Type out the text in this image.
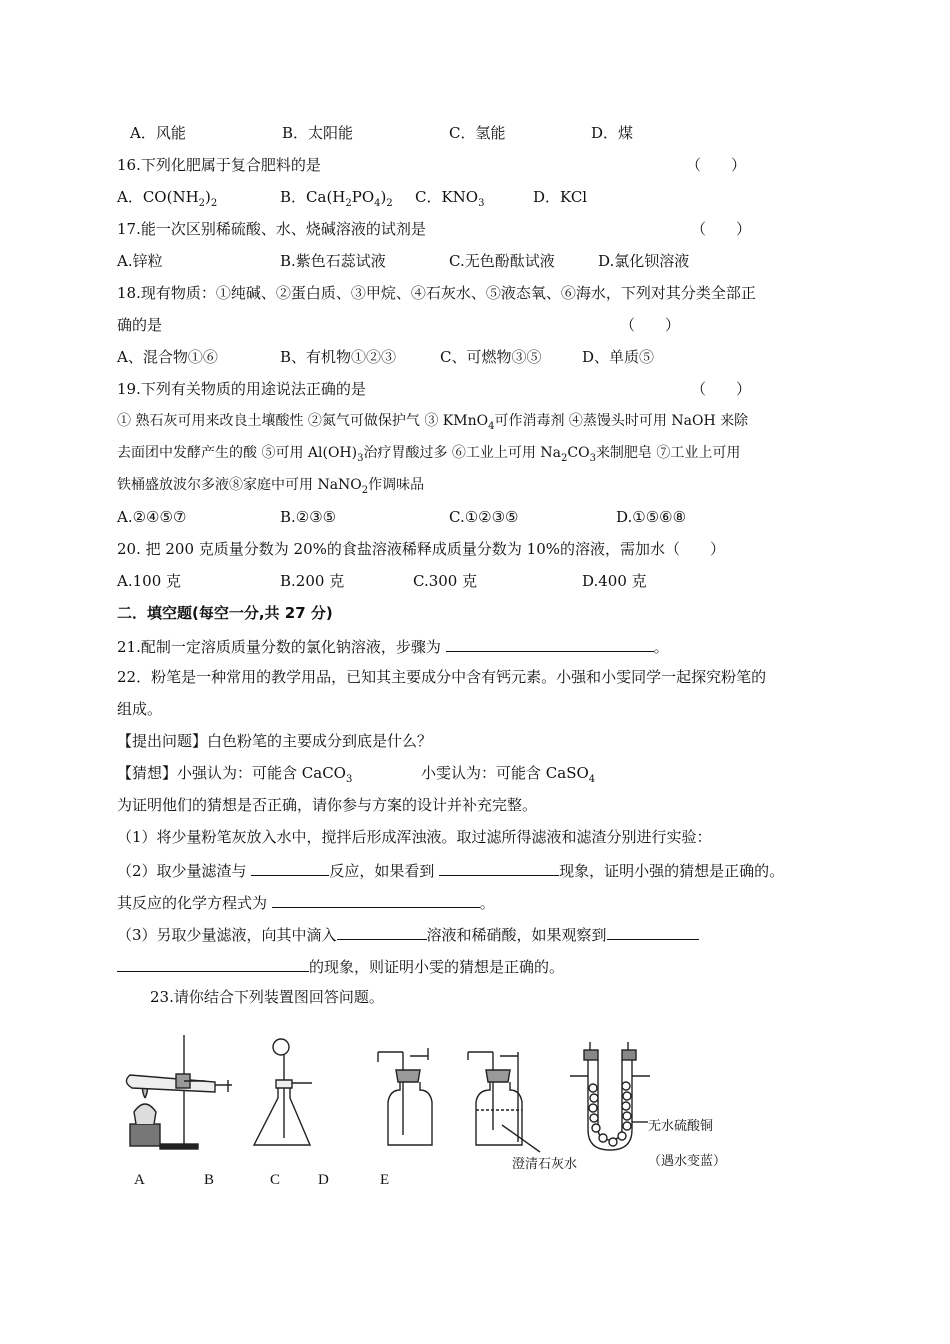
A．风能	B．太阳能	C．氢能	D．煤
16.下列化肥属于复合肥料的是	（　　）
A．$CO(NH_2)_2$	B．$Ca(H_2PO_4)_2$ C．$KNO_3$	D．KCl
17.能一次区别稀硫酸、水、烧碱溶液的试剂是	（　　）
A.锌粒	B.紫色石蕊试液	C.无色酚酞试液	D.氯化钡溶液
18.现有物质：①纯碱、②蛋白质、③甲烷、④石灰水、⑤液态氧、⑥海水，下列对其分类全部正
确的是	（　　）
A、混合物①⑥	B、有机物①②③	C、可燃物③⑤	D、单质⑤
19.下列有关物质的用途说法正确的是	（　　）
① 熟石灰可用来改良土壤酸性 ②氮气可做保护气 ③ KMnO$_4$可作消毒剂 ④蒸馒头时可用 NaOH 来除
去面团中发酵产生的酸 ⑤可用 $Al(OH)_3$治疗胃酸过多 ⑥工业上可用 $Na_2CO_3$来制肥皂 ⑦工业上可用
铁桶盛放波尔多液⑧家庭中可用 NaNO$_2$作调味品
A.②④⑤⑦	B.②③⑤	C.①②③⑤	D.①⑤⑥⑧
20. 把 200 克质量分数为 20%的食盐溶液稀释成质量分数为 10%的溶液，需加水（　　）
A.100 克	B.200 克	C.300 克	D.400 克
二．填空题(每空一分,共 27 分)
21.配制一定溶质质量分数的氯化钠溶液，步骤为	。
22．粉笔是一种常用的教学用品，已知其主要成分中含有钙元素。小强和小雯同学一起探究粉笔的
组成。
【提出问题】白色粉笔的主要成分到底是什么？
【猜想】小强认为：可能含 CaCO$_3$	小雯认为：可能含 CaSO$_4$
为证明他们的猜想是否正确，请你参与方案的设计并补充完整。
（1）将少量粉笔灰放入水中，搅拌后形成浑浊液。取过滤所得滤液和滤渣分别进行实验：
（2）取少量滤渣与	反应，如果看到	现象，证明小强的猜想是正确的。
其反应的化学方程式为	。
（3）另取少量滤液，向其中滴入	溶液和稀硝酸，如果观察到
的现象，则证明小雯的猜想是正确的。
23.请你结合下列装置图回答问题。
澄清石灰水
无水硫酸铜
（遇水变蓝）
A	B	C	D	E
